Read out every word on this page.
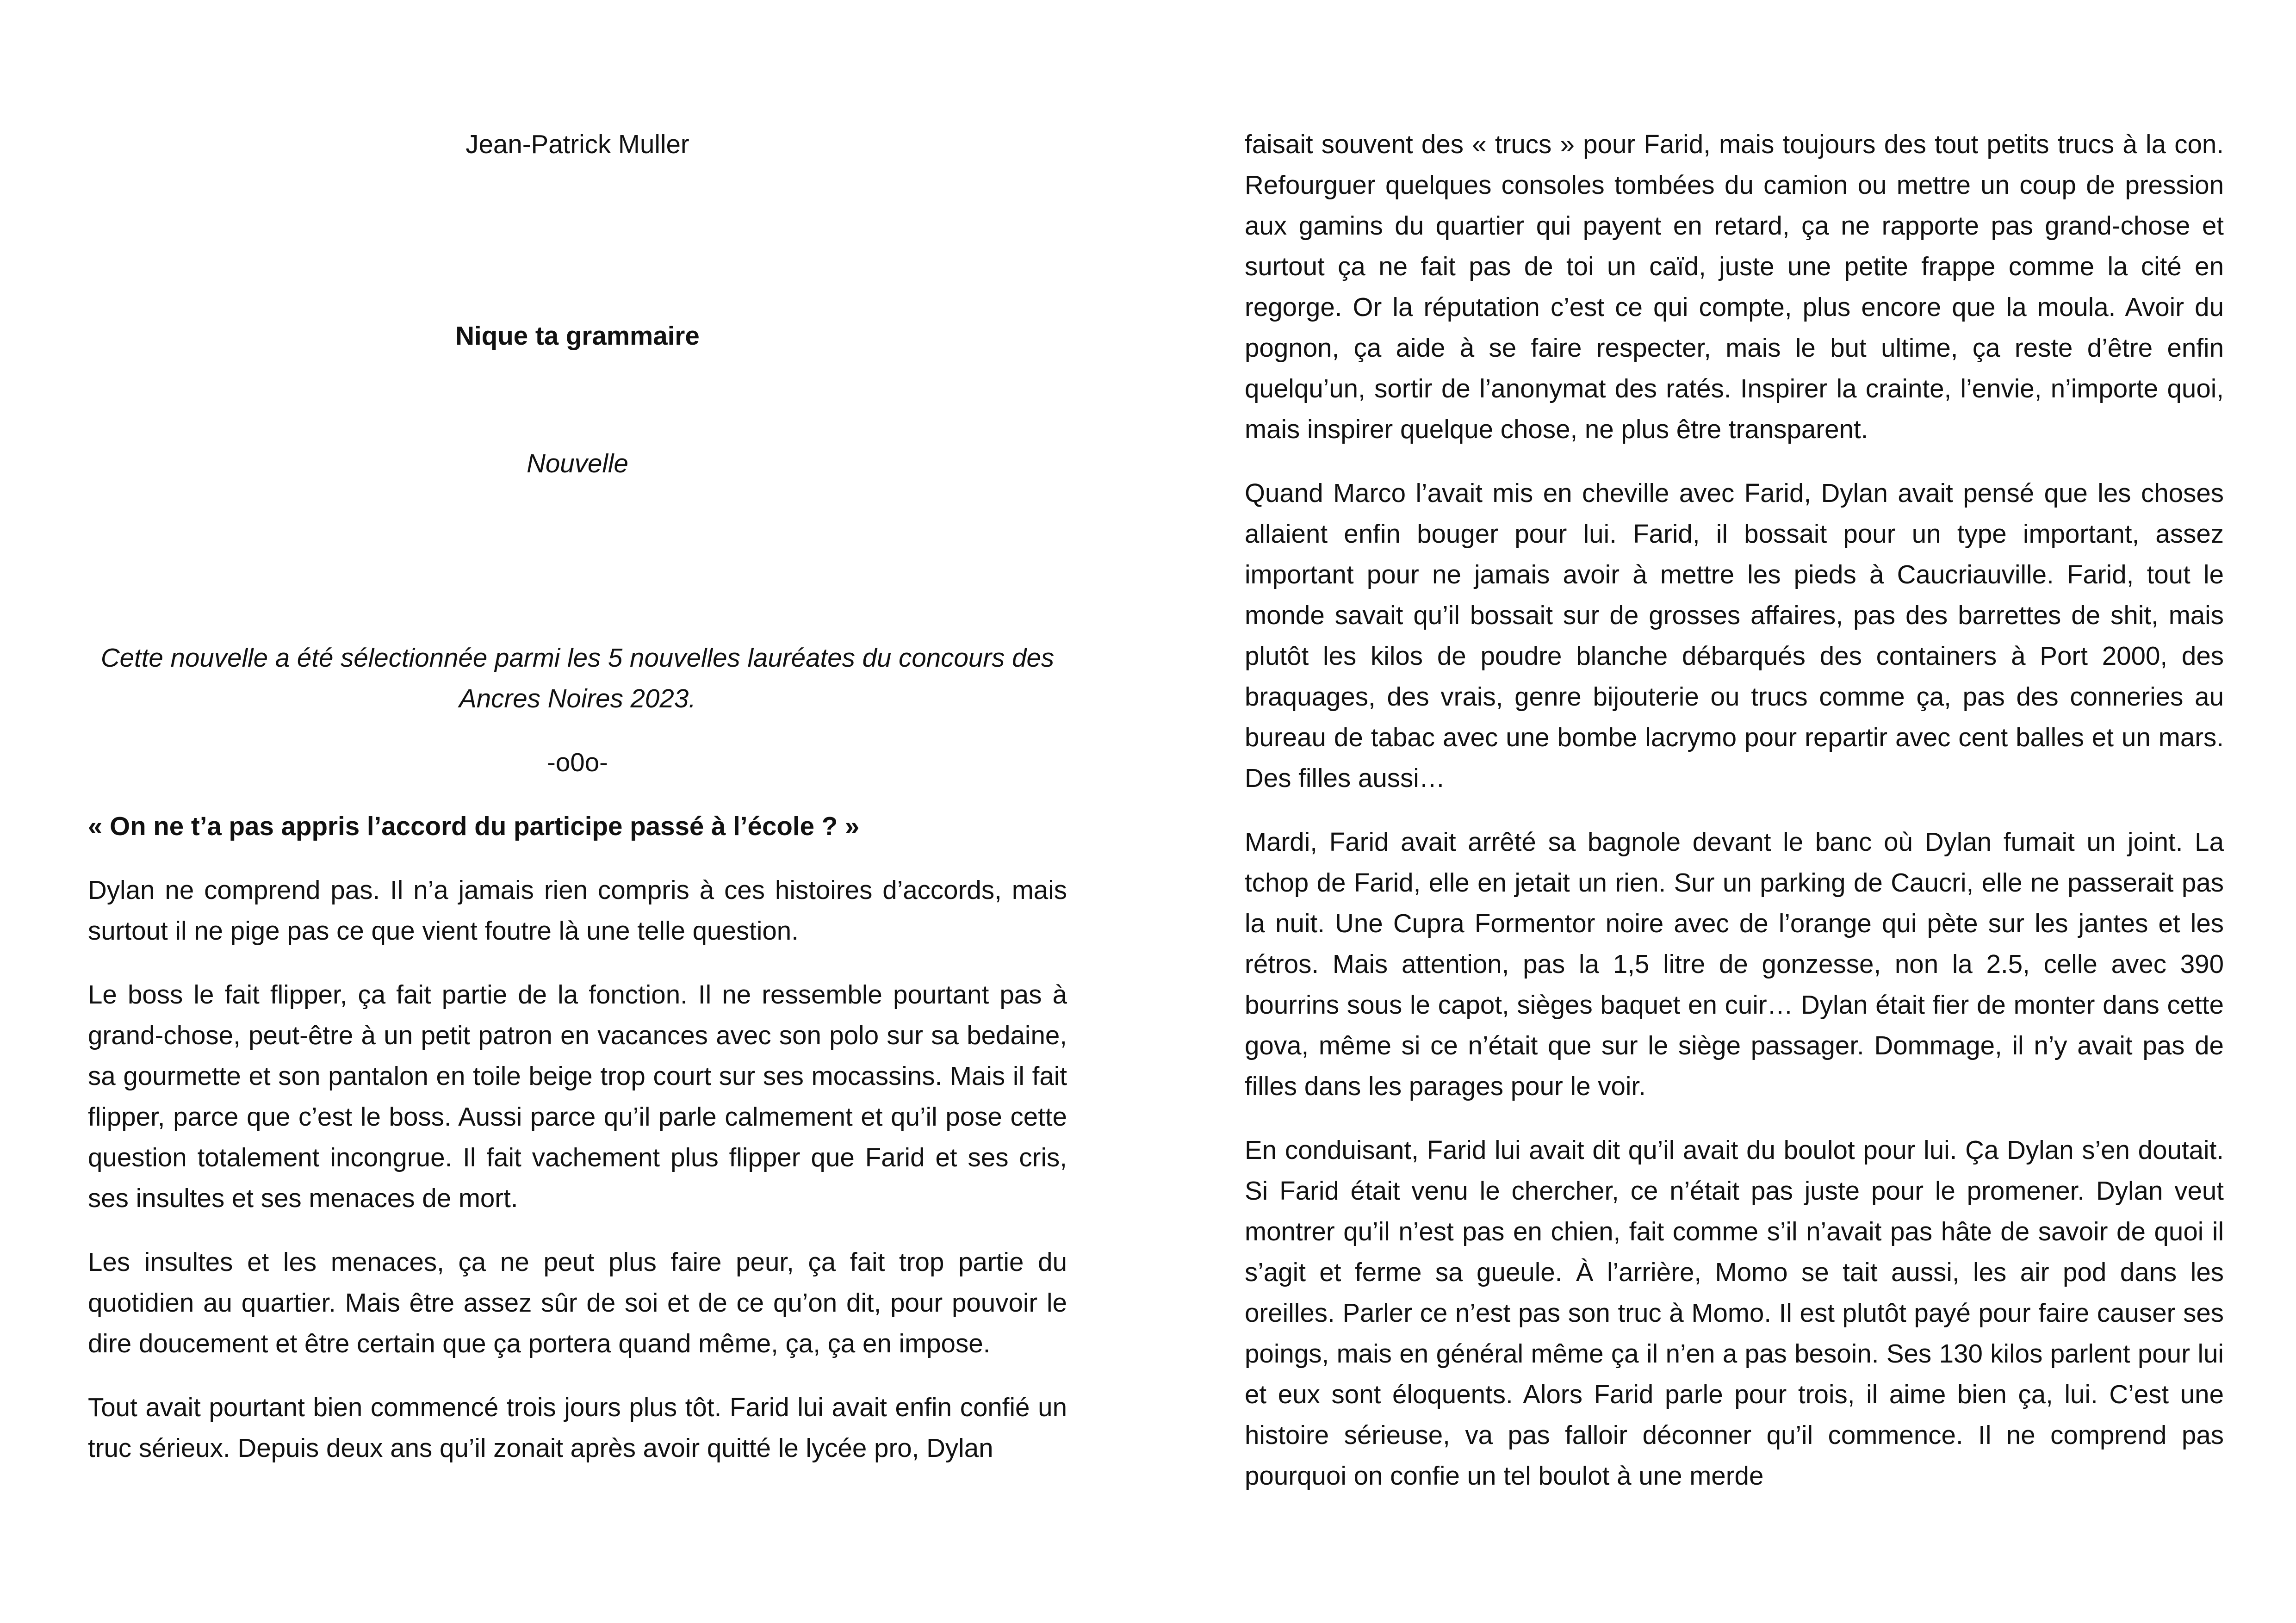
Jean-Patrick Muller
Nique ta grammaire
Nouvelle
Cette nouvelle a été sélectionnée parmi les 5 nouvelles lauréates du concours des Ancres Noires 2023.
-o0o-
« On ne t’a pas appris l’accord du participe passé à l’école ? »

Dylan ne comprend pas. Il n’a jamais rien compris à ces histoires d’accords, mais surtout il ne pige pas ce que vient foutre là une telle question.

Le boss le fait flipper, ça fait partie de la fonction. Il ne ressemble pourtant pas à grand-chose, peut-être à un petit patron en vacances avec son polo sur sa bedaine, sa gourmette et son pantalon en toile beige trop court sur ses mocassins. Mais il fait flipper, parce que c’est le boss. Aussi parce qu’il parle calmement et qu’il pose cette question totalement incongrue. Il fait vachement plus flipper que Farid et ses cris, ses insultes et ses menaces de mort.

Les insultes et les menaces, ça ne peut plus faire peur, ça fait trop partie du quotidien au quartier. Mais être assez sûr de soi et de ce qu’on dit, pour pouvoir le dire doucement et être certain que ça portera quand même, ça, ça en impose.

Tout avait pourtant bien commencé trois jours plus tôt. Farid lui avait enfin confié un truc sérieux. Depuis deux ans qu’il zonait après avoir quitté le lycée pro, Dylan

faisait souvent des « trucs » pour Farid, mais toujours des tout petits trucs à la con. Refourguer quelques consoles tombées du camion ou mettre un coup de pression aux gamins du quartier qui payent en retard, ça ne rapporte pas grand-chose et surtout ça ne fait pas de toi un caïd, juste une petite frappe comme la cité en regorge. Or la réputation c’est ce qui compte, plus encore que la moula. Avoir du pognon, ça aide à se faire respecter, mais le but ultime, ça reste d’être enfin quelqu’un, sortir de l’anonymat des ratés. Inspirer la crainte, l’envie, n’importe quoi, mais inspirer quelque chose, ne plus être transparent.

Quand Marco l’avait mis en cheville avec Farid, Dylan avait pensé que les choses allaient enfin bouger pour lui. Farid, il bossait pour un type important, assez important pour ne jamais avoir à mettre les pieds à Caucriauville. Farid, tout le monde savait qu’il bossait sur de grosses affaires, pas des barrettes de shit, mais plutôt les kilos de poudre blanche débarqués des containers à Port 2000, des braquages, des vrais, genre bijouterie ou trucs comme ça, pas des conneries au bureau de tabac avec une bombe lacrymo pour repartir avec cent balles et un mars. Des filles aussi…

Mardi, Farid avait arrêté sa bagnole devant le banc où Dylan fumait un joint. La tchop de Farid, elle en jetait un rien. Sur un parking de Caucri, elle ne passerait pas la nuit. Une Cupra Formentor noire avec de l’orange qui pète sur les jantes et les rétros. Mais attention, pas la 1,5 litre de gonzesse, non la 2.5, celle avec 390 bourrins sous le capot, sièges baquet en cuir… Dylan était fier de monter dans cette gova, même si ce n’était que sur le siège passager. Dommage, il n’y avait pas de filles dans les parages pour le voir.

En conduisant, Farid lui avait dit qu’il avait du boulot pour lui. Ça Dylan s’en doutait. Si Farid était venu le chercher, ce n’était pas juste pour le promener. Dylan veut montrer qu’il n’est pas en chien, fait comme s’il n’avait pas hâte de savoir de quoi il s’agit et ferme sa gueule. À l’arrière, Momo se tait aussi, les air pod dans les oreilles. Parler ce n’est pas son truc à Momo. Il est plutôt payé pour faire causer ses poings, mais en général même ça il n’en a pas besoin. Ses 130 kilos parlent pour lui et eux sont éloquents. Alors Farid parle pour trois, il aime bien ça, lui. C’est une histoire sérieuse, va pas falloir déconner qu’il commence. Il ne comprend pas pourquoi on confie un tel boulot à une merde
